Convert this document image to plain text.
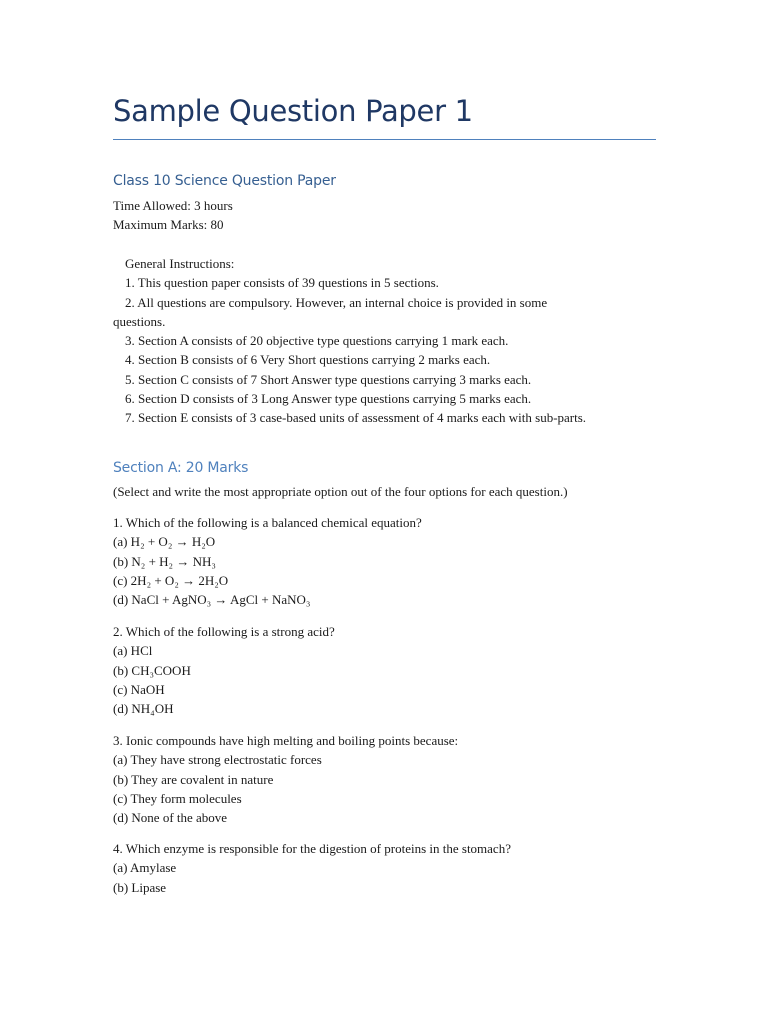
Sample Question Paper 1
Class 10 Science Question Paper
Time Allowed: 3 hours
Maximum Marks: 80
General Instructions:
1. This question paper consists of 39 questions in 5 sections.
2. All questions are compulsory. However, an internal choice is provided in some
questions.
3. Section A consists of 20 objective type questions carrying 1 mark each.
4. Section B consists of 6 Very Short questions carrying 2 marks each.
5. Section C consists of 7 Short Answer type questions carrying 3 marks each.
6. Section D consists of 3 Long Answer type questions carrying 5 marks each.
7. Section E consists of 3 case-based units of assessment of 4 marks each with sub-parts.
Section A: 20 Marks
(Select and write the most appropriate option out of the four options for each question.)
1. Which of the following is a balanced chemical equation?
(a) H₂ + O₂ → H₂O
(b) N₂ + H₂ → NH₃
(c) 2H₂ + O₂ → 2H₂O
(d) NaCl + AgNO₃ → AgCl + NaNO₃
2. Which of the following is a strong acid?
(a) HCl
(b) CH₃COOH
(c) NaOH
(d) NH₄OH
3. Ionic compounds have high melting and boiling points because:
(a) They have strong electrostatic forces
(b) They are covalent in nature
(c) They form molecules
(d) None of the above
4. Which enzyme is responsible for the digestion of proteins in the stomach?
(a) Amylase
(b) Lipase
